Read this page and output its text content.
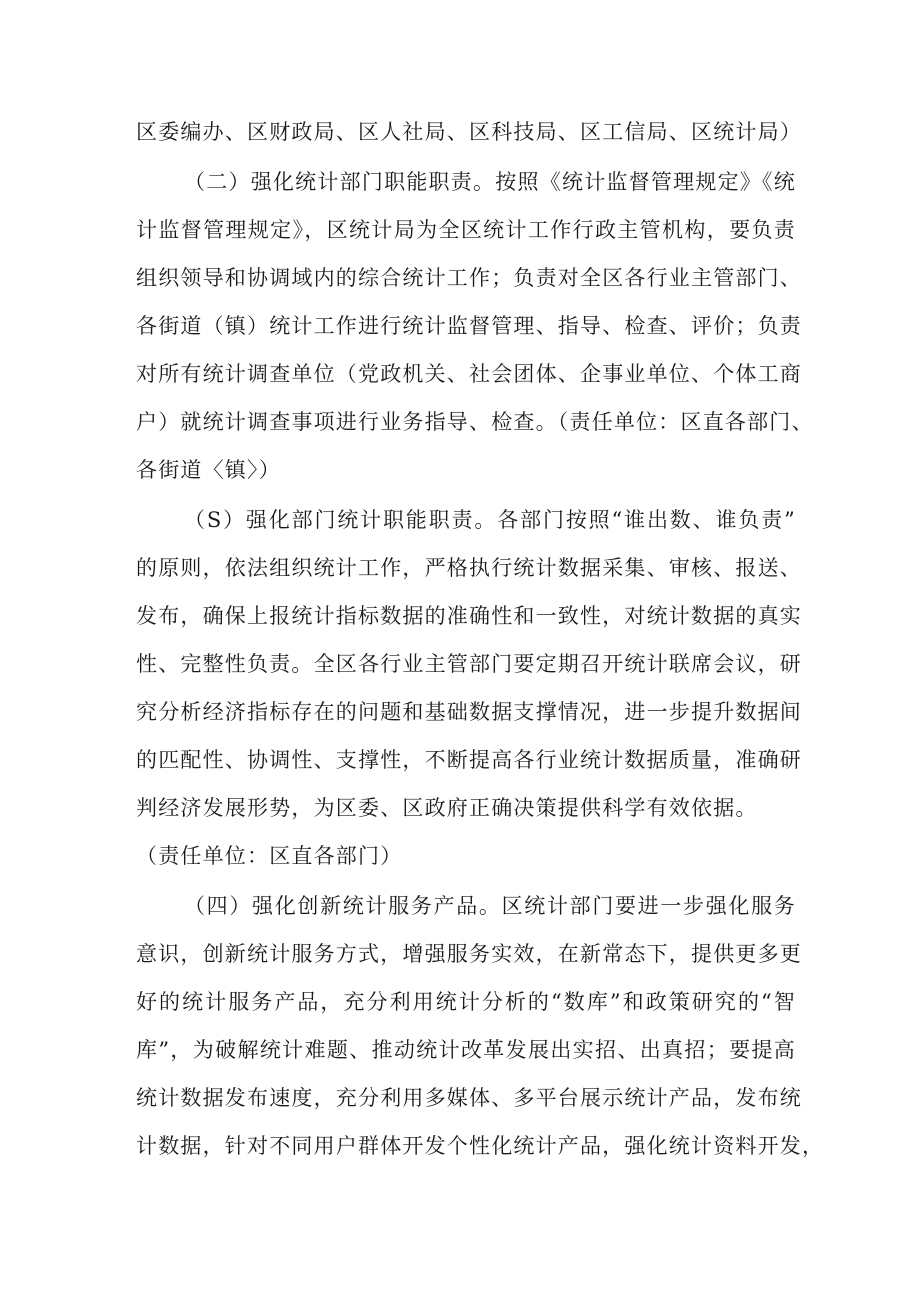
区委编办、区财政局、区人社局、区科技局、区工信局、区统计局）
（二）强化统计部门职能职责。按照《统计监督管理规定》《统
计监督管理规定》，区统计局为全区统计工作行政主管机构，要负责
组织领导和协调域内的综合统计工作；负责对全区各行业主管部门、
各街道（镇）统计工作进行统计监督管理、指导、检查、评价；负责
对所有统计调查单位（党政机关、社会团体、企事业单位、个体工商
户）就统计调查事项进行业务指导、检查。（责任单位：区直各部门、
各街道〈镇〉）
（S）强化部门统计职能职责。各部门按照“谁出数、谁负责”
的原则，依法组织统计工作，严格执行统计数据采集、审核、报送、
发布，确保上报统计指标数据的准确性和一致性，对统计数据的真实
性、完整性负责。全区各行业主管部门要定期召开统计联席会议，研
究分析经济指标存在的问题和基础数据支撑情况，进一步提升数据间
的匹配性、协调性、支撑性，不断提高各行业统计数据质量，准确研
判经济发展形势，为区委、区政府正确决策提供科学有效依据。
（责任单位：区直各部门）
（四）强化创新统计服务产品。区统计部门要进一步强化服务
意识，创新统计服务方式，增强服务实效，在新常态下，提供更多更
好的统计服务产品，充分利用统计分析的“数库”和政策研究的“智
库”，为破解统计难题、推动统计改革发展出实招、出真招；要提高
统计数据发布速度，充分利用多媒体、多平台展示统计产品，发布统
计数据，针对不同用户群体开发个性化统计产品，强化统计资料开发，
